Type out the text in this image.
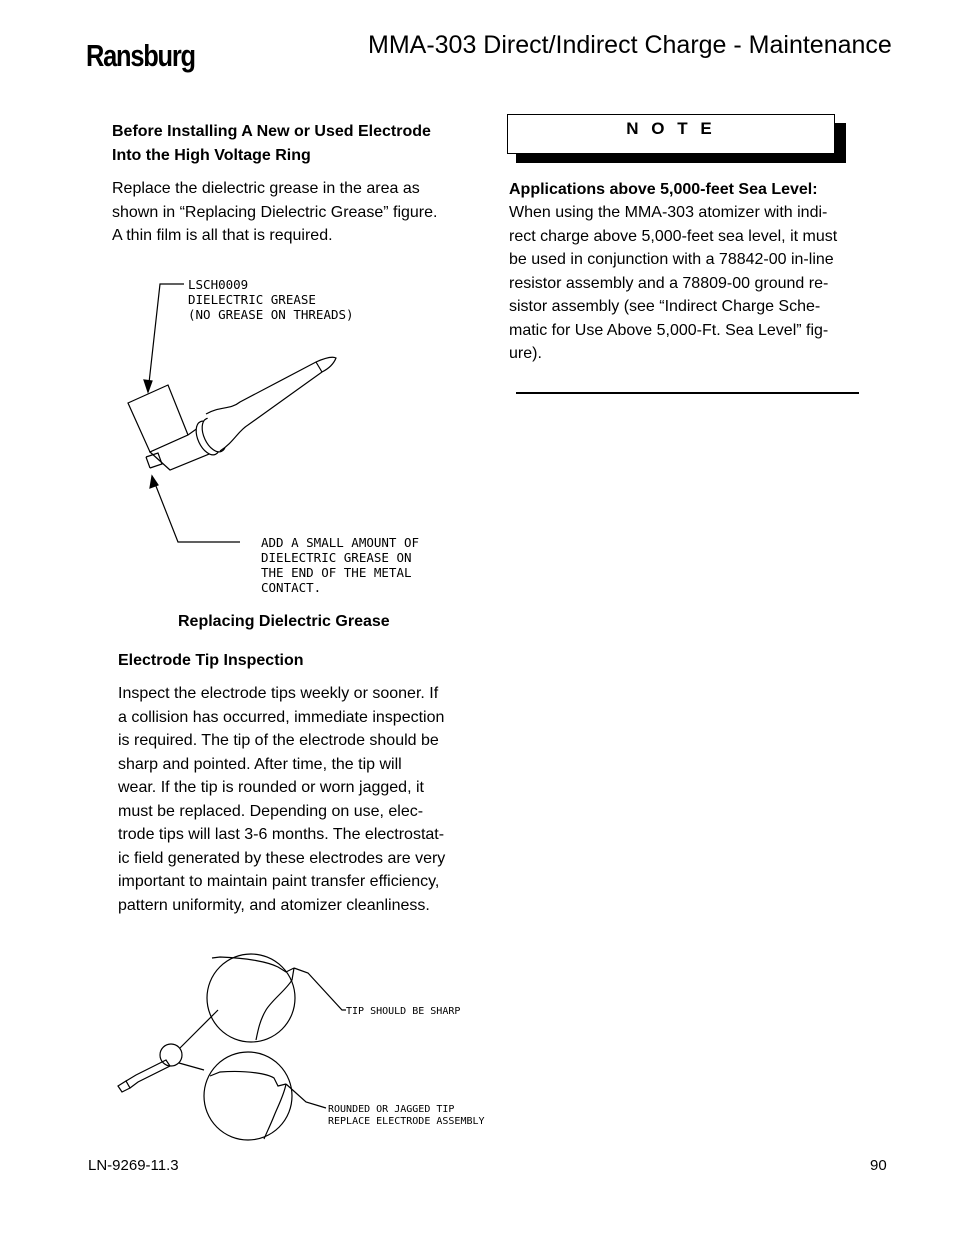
Ransburg	MMA-303 Direct/Indirect Charge - Maintenance
Before Installing A New or Used Electrode
Into the High Voltage Ring
Replace the dielectric grease in the area as
shown in “Replacing Dielectric Grease” figure.
A thin film is all that is required.
LSCH0009
DIELECTRIC GREASE
(NO GREASE ON THREADS)
ADD A SMALL AMOUNT OF
DIELECTRIC GREASE ON
THE END OF THE METAL
CONTACT.
Replacing Dielectric Grease
Electrode Tip Inspection
Inspect the electrode tips weekly or sooner. If
a collision has occurred, immediate inspection
is required. The tip of the electrode should be
sharp and pointed. After time, the tip will
wear. If the tip is rounded or worn jagged, it
must be replaced. Depending on use, elec-
trode tips will last 3-6 months. The electrostat-
ic field generated by these electrodes are very
important to maintain paint transfer efficiency,
pattern uniformity, and atomizer cleanliness.
TIP SHOULD BE SHARP
ROUNDED OR JAGGED TIP
REPLACE ELECTRODE ASSEMBLY
N O T E
Applications above 5,000-feet Sea Level:
When using the MMA-303 atomizer with indi-
rect charge above 5,000-feet sea level, it must
be used in conjunction with a 78842-00 in-line
resistor assembly and a 78809-00 ground re-
sistor assembly (see “Indirect Charge Sche-
matic for Use Above 5,000-Ft. Sea Level” fig-
ure).
LN-9269-11.3	90
